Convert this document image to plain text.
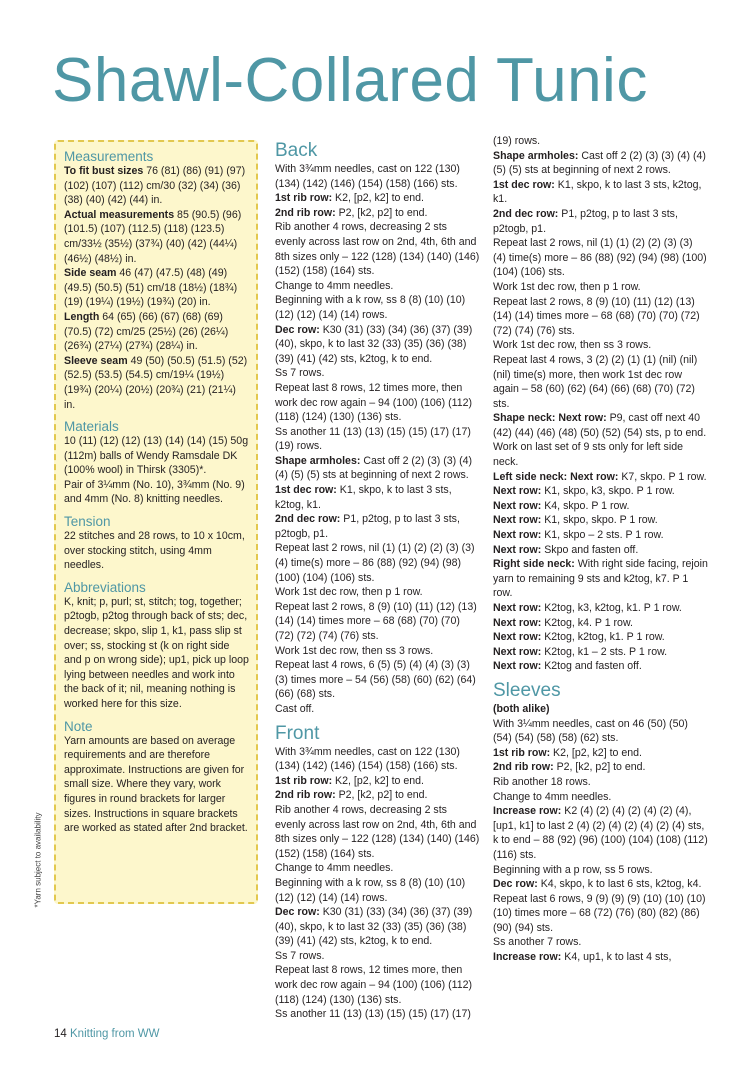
Shawl-Collared Tunic
Measurements

To fit bust sizes 76 (81) (86) (91) (97) (102) (107) (112) cm/30 (32) (34) (36) (38) (40) (42) (44) in.

Actual measurements 85 (90.5) (96) (101.5) (107) (112.5) (118) (123.5) cm/33½ (35½) (37¾) (40) (42) (44¼) (46½) (48½) in.

Side seam 46 (47) (47.5) (48) (49) (49.5) (50.5) (51) cm/18 (18½) (18¾) (19) (19¼) (19½) (19¾) (20) in.

Length 64 (65) (66) (67) (68) (69) (70.5) (72) cm/25 (25½) (26) (26¼) (26¾) (27¼) (27¾) (28¼) in.

Sleeve seam 49 (50) (50.5) (51.5) (52) (52.5) (53.5) (54.5) cm/19¼ (19½) (19¾) (20¼) (20½) (20¾) (21) (21¼) in.

Materials

10 (11) (12) (12) (13) (14) (14) (15) 50g (112m) balls of Wendy Ramsdale DK (100% wool) in Thirsk (3305)*.

Pair of 3¼mm (No. 10), 3¾mm (No. 9) and 4mm (No. 8) knitting needles.

Tension

22 stitches and 28 rows, to 10 x 10cm, over stocking stitch, using 4mm needles.

Abbreviations

K, knit; p, purl; st, stitch; tog, together; p2togb, p2tog through back of sts; dec, decrease; skpo, slip 1, k1, pass slip st over; ss, stocking st (k on right side and p on wrong side); up1, pick up loop lying between needles and work into the back of it; nil, meaning nothing is worked here for this size.

Note

Yarn amounts are based on average requirements and are therefore approximate. Instructions are given for small size. Where they vary, work figures in round brackets for larger sizes. Instructions in square brackets are worked as stated after 2nd bracket.

*Yarn subject to availability
Back

With 3¾mm needles, cast on 122 (130) (134) (142) (146) (154) (158) (166) sts.

1st rib row: K2, [p2, k2] to end.

2nd rib row: P2, [k2, p2] to end.

Rib another 4 rows, decreasing 2 sts evenly across last row on 2nd, 4th, 6th and 8th sizes only – 122 (128) (134) (140) (146) (152) (158) (164) sts.

Change to 4mm needles.

Beginning with a k row, ss 8 (8) (10) (10) (12) (12) (14) (14) rows.

Dec row: K30 (31) (33) (34) (36) (37) (39) (40), skpo, k to last 32 (33) (35) (36) (38) (39) (41) (42) sts, k2tog, k to end.

Ss 7 rows.

Repeat last 8 rows, 12 times more, then work dec row again – 94 (100) (106) (112) (118) (124) (130) (136) sts.

Ss another 11 (13) (13) (15) (15) (17) (17) (19) rows.

Shape armholes: Cast off 2 (2) (3) (3) (4) (4) (5) (5) sts at beginning of next 2 rows.

1st dec row: K1, skpo, k to last 3 sts, k2tog, k1.

2nd dec row: P1, p2tog, p to last 3 sts, p2togb, p1.

Repeat last 2 rows, nil (1) (1) (2) (2) (3) (3) (4) time(s) more – 86 (88) (92) (94) (98) (100) (104) (106) sts.

Work 1st dec row, then p 1 row.

Repeat last 2 rows, 8 (9) (10) (11) (12) (13) (14) (14) times more – 68 (68) (70) (70) (72) (72) (74) (76) sts.

Work 1st dec row, then ss 3 rows.

Repeat last 4 rows, 6 (5) (5) (4) (4) (3) (3) (3) times more – 54 (56) (58) (60) (62) (64) (66) (68) sts.

Cast off.

Front

With 3¾mm needles, cast on 122 (130) (134) (142) (146) (154) (158) (166) sts.

1st rib row: K2, [p2, k2] to end.

2nd rib row: P2, [k2, p2] to end.

Rib another 4 rows, decreasing 2 sts evenly across last row on 2nd, 4th, 6th and 8th sizes only – 122 (128) (134) (140) (146) (152) (158) (164) sts.

Change to 4mm needles.

Beginning with a k row, ss 8 (8) (10) (10) (12) (12) (14) (14) rows.

Dec row: K30 (31) (33) (34) (36) (37) (39) (40), skpo, k to last 32 (33) (35) (36) (38) (39) (41) (42) sts, k2tog, k to end.

Ss 7 rows.

Repeat last 8 rows, 12 times more, then work dec row again – 94 (100) (106) (112) (118) (124) (130) (136) sts.

Ss another 11 (13) (13) (15) (15) (17) (17)

(19) rows.

Shape armholes: Cast off 2 (2) (3) (3) (4) (4) (5) (5) sts at beginning of next 2 rows.

1st dec row: K1, skpo, k to last 3 sts, k2tog, k1.

2nd dec row: P1, p2tog, p to last 3 sts, p2togb, p1.

Repeat last 2 rows, nil (1) (1) (2) (2) (3) (3) (4) time(s) more – 86 (88) (92) (94) (98) (100) (104) (106) sts.

Work 1st dec row, then p 1 row.

Repeat last 2 rows, 8 (9) (10) (11) (12) (13) (14) (14) times more – 68 (68) (70) (70) (72) (72) (74) (76) sts.

Work 1st dec row, then ss 3 rows.

Repeat last 4 rows, 3 (2) (2) (1) (1) (nil) (nil) (nil) time(s) more, then work 1st dec row again – 58 (60) (62) (64) (66) (68) (70) (72) sts.

Shape neck: Next row: P9, cast off next 40 (42) (44) (46) (48) (50) (52) (54) sts, p to end.

Work on last set of 9 sts only for left side neck.

Left side neck: Next row: K7, skpo. P 1 row.

Next row: K1, skpo, k3, skpo. P 1 row.

Next row: K4, skpo. P 1 row.

Next row: K1, skpo, skpo. P 1 row.

Next row: K1, skpo – 2 sts. P 1 row.

Next row: Skpo and fasten off.

Right side neck: With right side facing, rejoin yarn to remaining 9 sts and k2tog, k7. P 1 row.

Next row: K2tog, k3, k2tog, k1. P 1 row.

Next row: K2tog, k4. P 1 row.

Next row: K2tog, k2tog, k1. P 1 row.

Next row: K2tog, k1 – 2 sts. P 1 row.

Next row: K2tog and fasten off.

Sleeves

(both alike)

With 3¼mm needles, cast on 46 (50) (50) (54) (54) (58) (58) (62) sts.

1st rib row: K2, [p2, k2] to end.

2nd rib row: P2, [k2, p2] to end.

Rib another 18 rows.

Change to 4mm needles.

Increase row: K2 (4) (2) (4) (2) (4) (2) (4), [up1, k1] to last 2 (4) (2) (4) (2) (4) (2) (4) sts, k to end – 88 (92) (96) (100) (104) (108) (112) (116) sts.

Beginning with a p row, ss 5 rows.

Dec row: K4, skpo, k to last 6 sts, k2tog, k4.

Repeat last 6 rows, 9 (9) (9) (9) (10) (10) (10) (10) times more – 68 (72) (76) (80) (82) (86) (90) (94) sts.

Ss another 7 rows.

Increase row: K4, up1, k to last 4 sts,

14 Knitting from WW
